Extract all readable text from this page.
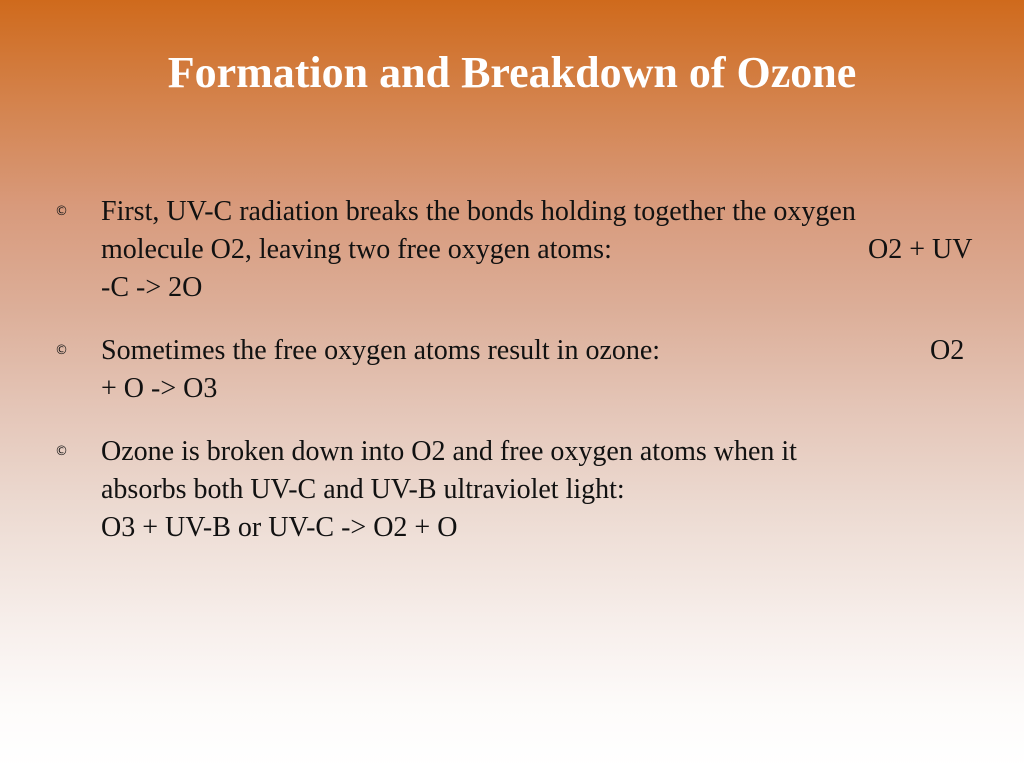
Formation and Breakdown of Ozone
© First, UV-C radiation breaks the bonds holding together the oxygen
molecule O2, leaving two free oxygen atoms:	O2 + UV
-C -> 2O
© Sometimes the free oxygen atoms result in ozone:	O2
+ O -> O3
© Ozone is broken down into O2 and free oxygen atoms when it
absorbs both UV-C and UV-B ultraviolet light:
O3 + UV-B or UV-C -> O2 + O
